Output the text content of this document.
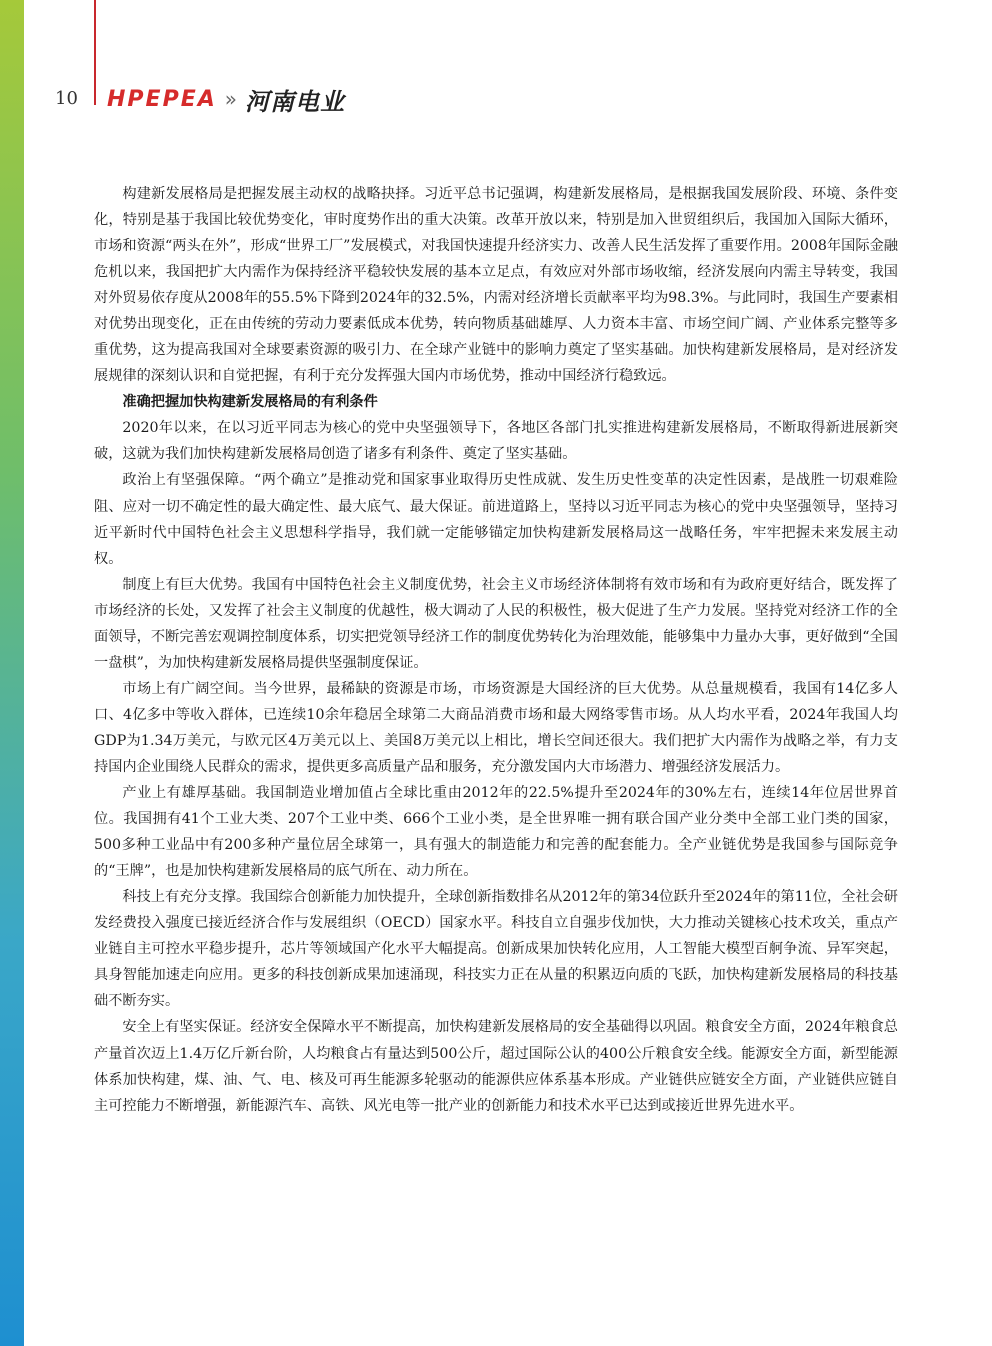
10 HPEPEA » 河南电业

构建新发展格局是把握发展主动权的战略抉择。习近平总书记强调，构建新发展格局，是根据我国发展阶段、环境、条件变化，特别是基于我国比较优势变化，审时度势作出的重大决策。改革开放以来，特别是加入世贸组织后，我国加入国际大循环，市场和资源“两头在外”，形成“世界工厂”发展模式，对我国快速提升经济实力、改善人民生活发挥了重要作用。2008年国际金融危机以来，我国把扩大内需作为保持经济平稳较快发展的基本立足点，有效应对外部市场收缩，经济发展向内需主导转变，我国对外贸易依存度从2008年的55.5%下降到2024年的32.5%，内需对经济增长贡献率平均为98.3%。与此同时，我国生产要素相对优势出现变化，正在由传统的劳动力要素低成本优势，转向物质基础雄厚、人力资本丰富、市场空间广阔、产业体系完整等多重优势，这为提高我国对全球要素资源的吸引力、在全球产业链中的影响力奠定了坚实基础。加快构建新发展格局，是对经济发展规律的深刻认识和自觉把握，有利于充分发挥强大国内市场优势，推动中国经济行稳致远。

准确把握加快构建新发展格局的有利条件

2020年以来，在以习近平同志为核心的党中央坚强领导下，各地区各部门扎实推进构建新发展格局，不断取得新进展新突破，这就为我们加快构建新发展格局创造了诸多有利条件、奠定了坚实基础。

政治上有坚强保障。“两个确立”是推动党和国家事业取得历史性成就、发生历史性变革的决定性因素，是战胜一切艰难险阻、应对一切不确定性的最大确定性、最大底气、最大保证。前进道路上，坚持以习近平同志为核心的党中央坚强领导，坚持习近平新时代中国特色社会主义思想科学指导，我们就一定能够锚定加快构建新发展格局这一战略任务，牢牢把握未来发展主动权。

制度上有巨大优势。我国有中国特色社会主义制度优势，社会主义市场经济体制将有效市场和有为政府更好结合，既发挥了市场经济的长处，又发挥了社会主义制度的优越性，极大调动了人民的积极性，极大促进了生产力发展。坚持党对经济工作的全面领导，不断完善宏观调控制度体系，切实把党领导经济工作的制度优势转化为治理效能，能够集中力量办大事，更好做到“全国一盘棋”，为加快构建新发展格局提供坚强制度保证。

市场上有广阔空间。当今世界，最稀缺的资源是市场，市场资源是大国经济的巨大优势。从总量规模看，我国有14亿多人口、4亿多中等收入群体，已连续10余年稳居全球第二大商品消费市场和最大网络零售市场。从人均水平看，2024年我国人均GDP为1.34万美元，与欧元区4万美元以上、美国8万美元以上相比，增长空间还很大。我们把扩大内需作为战略之举，有力支持国内企业围绕人民群众的需求，提供更多高质量产品和服务，充分激发国内大市场潜力、增强经济发展活力。

产业上有雄厚基础。我国制造业增加值占全球比重由2012年的22.5%提升至2024年的30%左右，连续14年位居世界首位。我国拥有41个工业大类、207个工业中类、666个工业小类，是全世界唯一拥有联合国产业分类中全部工业门类的国家，500多种工业品中有200多种产量位居全球第一，具有强大的制造能力和完善的配套能力。全产业链优势是我国参与国际竞争的“王牌”，也是加快构建新发展格局的底气所在、动力所在。

科技上有充分支撑。我国综合创新能力加快提升，全球创新指数排名从2012年的第34位跃升至2024年的第11位，全社会研发经费投入强度已接近经济合作与发展组织（OECD）国家水平。科技自立自强步伐加快，大力推动关键核心技术攻关，重点产业链自主可控水平稳步提升，芯片等领域国产化水平大幅提高。创新成果加快转化应用，人工智能大模型百舸争流、异军突起，具身智能加速走向应用。更多的科技创新成果加速涌现，科技实力正在从量的积累迈向质的飞跃，加快构建新发展格局的科技基础不断夯实。

安全上有坚实保证。经济安全保障水平不断提高，加快构建新发展格局的安全基础得以巩固。粮食安全方面，2024年粮食总产量首次迈上1.4万亿斤新台阶，人均粮食占有量达到500公斤，超过国际公认的400公斤粮食安全线。能源安全方面，新型能源体系加快构建，煤、油、气、电、核及可再生能源多轮驱动的能源供应体系基本形成。产业链供应链安全方面，产业链供应链自主可控能力不断增强，新能源汽车、高铁、风光电等一批产业的创新能力和技术水平已达到或接近世界先进水平。
